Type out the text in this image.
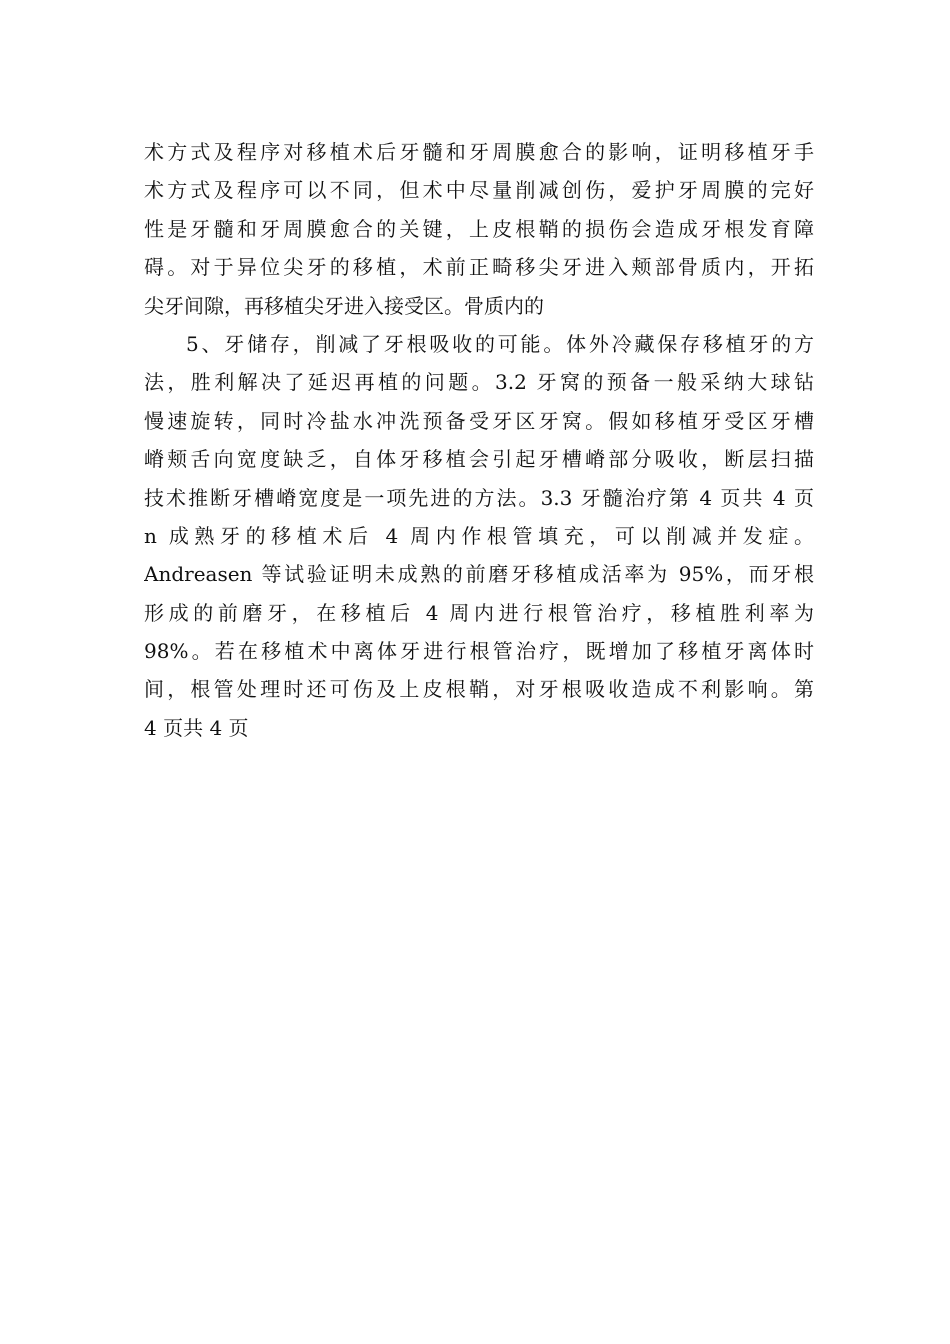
术方式及程序对移植术后牙髓和牙周膜愈合的影响，证明移植牙手
术方式及程序可以不同，但术中尽量削减创伤，爱护牙周膜的完好
性是牙髓和牙周膜愈合的关键，上皮根鞘的损伤会造成牙根发育障
碍。对于异位尖牙的移植，术前正畸移尖牙进入颊部骨质内，开拓
尖牙间隙，再移植尖牙进入接受区。骨质内的
5、牙储存，削减了牙根吸收的可能。体外冷藏保存移植牙的方
法，胜利解决了延迟再植的问题。3.2 牙窝的预备一般采纳大球钻
慢速旋转，同时冷盐水冲洗预备受牙区牙窝。假如移植牙受区牙槽
嵴颊舌向宽度缺乏，自体牙移植会引起牙槽嵴部分吸收，断层扫描
技术推断牙槽嵴宽度是一项先进的方法。3.3 牙髓治疗第 4 页共 4 页
n 成熟牙的移植术后 4 周内作根管填充，可以削减并发症。
Andreasen 等试验证明未成熟的前磨牙移植成活率为 95%，而牙根
形成的前磨牙，在移植后 4 周内进行根管治疗，移植胜利率为
98%。若在移植术中离体牙进行根管治疗，既增加了移植牙离体时
间，根管处理时还可伤及上皮根鞘，对牙根吸收造成不利影响。第
4 页共 4 页
